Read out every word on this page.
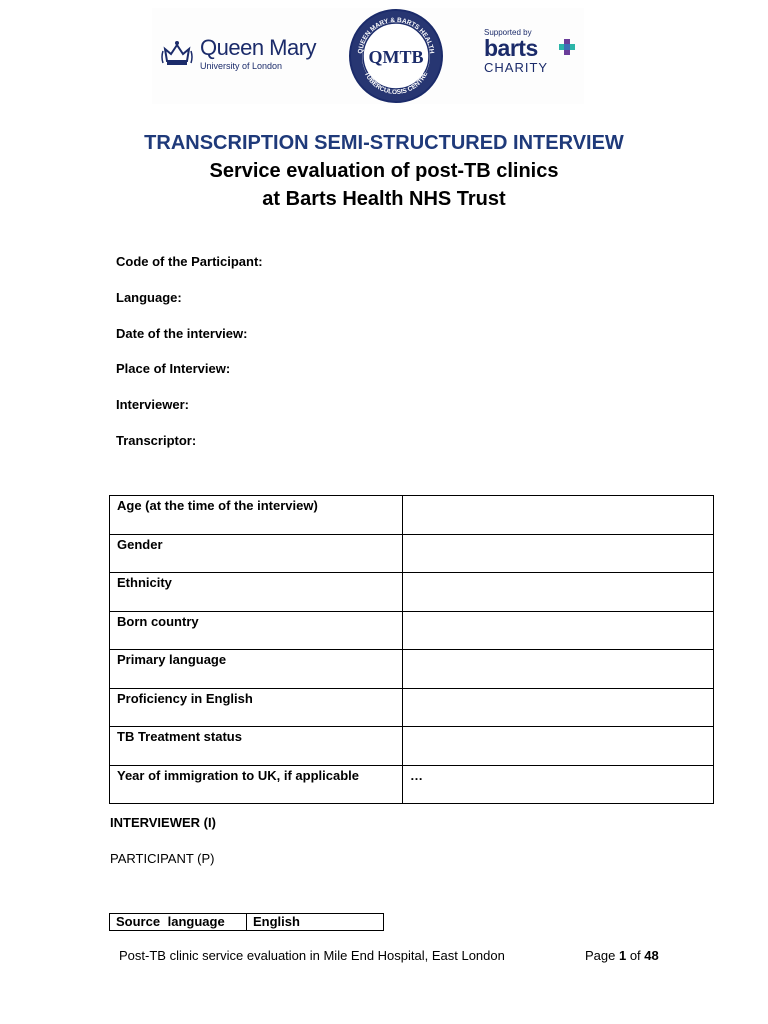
Queen Mary
University of London
QUEEN MARY & BARTS HEALTH
TUBERCULOSIS CENTRE
QMTB
Supported by
barts
CHARITY
TRANSCRIPTION SEMI-STRUCTURED INTERVIEW
Service evaluation of post-TB clinics
at Barts Health NHS Trust
Code of the Participant:
Language:
Date of the interview:
Place of Interview:
Interviewer:
Transcriptor:
Age (at the time of the interview)	
Gender	
Ethnicity	
Born country	
Primary language	
Proficiency in English	
TB Treatment status	
Year of immigration to UK, if applicable	…
INTERVIEWER (I)
PARTICIPANT (P)
Source language	English
Post-TB clinic service evaluation in Mile End Hospital, East London	Page 1 of 48
